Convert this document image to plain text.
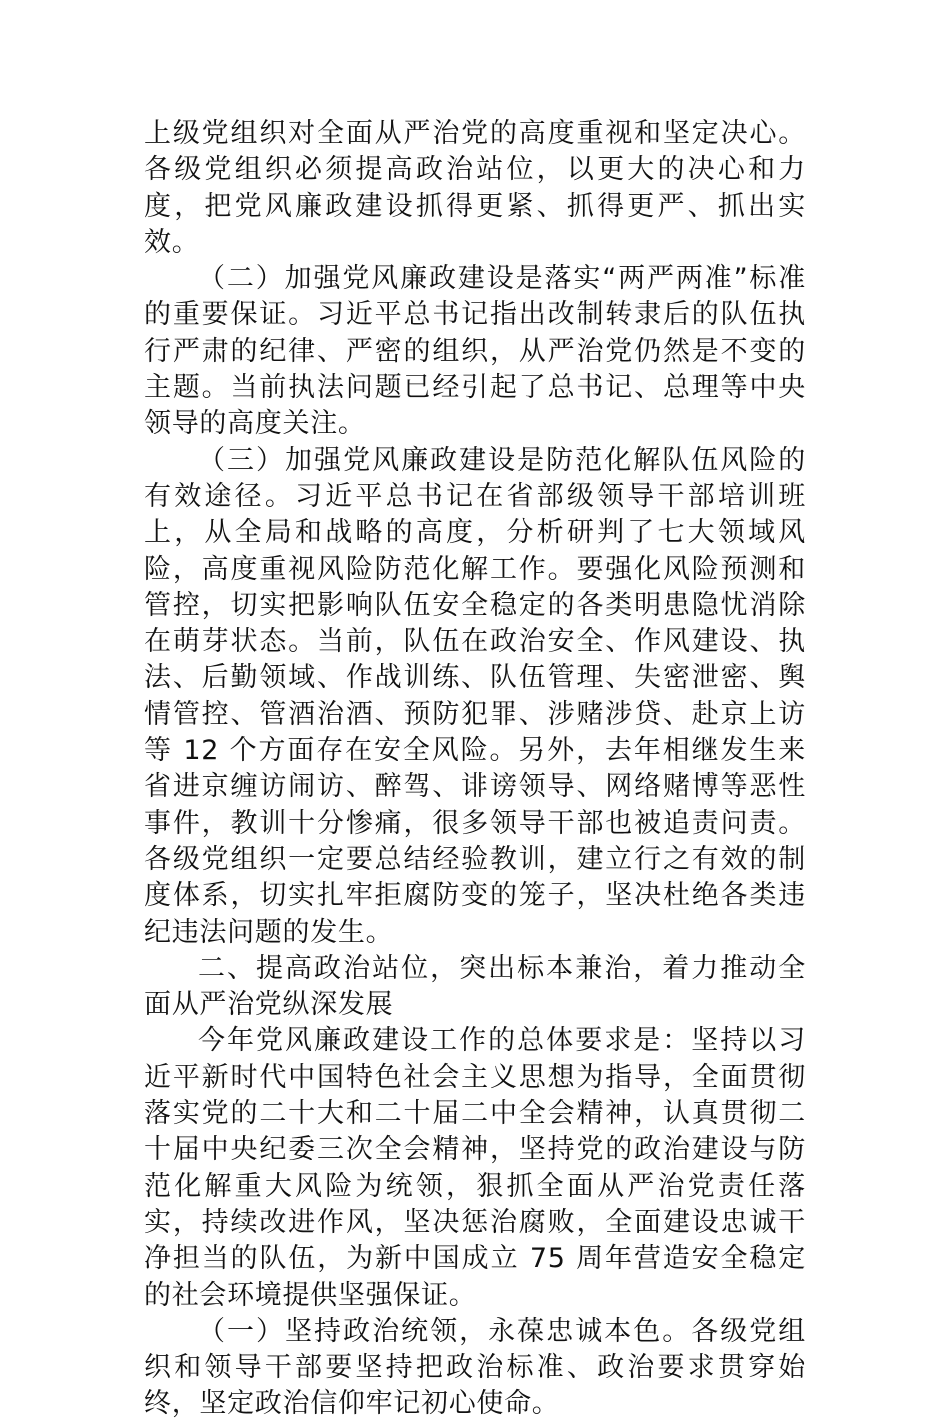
上级党组织对全面从严治党的高度重视和坚定决心。各级党组织必须提高政治站位，以更大的决心和力度，把党风廉政建设抓得更紧、抓得更严、抓出实效。

（二）加强党风廉政建设是落实“两严两准”标准的重要保证。习近平总书记指出改制转隶后的队伍执行严肃的纪律、严密的组织，从严治党仍然是不变的主题。当前执法问题已经引起了总书记、总理等中央领导的高度关注。

（三）加强党风廉政建设是防范化解队伍风险的有效途径。习近平总书记在省部级领导干部培训班上，从全局和战略的高度，分析研判了七大领域风险，高度重视风险防范化解工作。要强化风险预测和管控，切实把影响队伍安全稳定的各类明患隐忧消除在萌芽状态。当前，队伍在政治安全、作风建设、执法、后勤领域、作战训练、队伍管理、失密泄密、舆情管控、管酒治酒、预防犯罪、涉赌涉贷、赴京上访等 12 个方面存在安全风险。另外，去年相继发生来省进京缠访闹访、醉驾、诽谤领导、网络赌博等恶性事件，教训十分惨痛，很多领导干部也被追责问责。各级党组织一定要总结经验教训，建立行之有效的制度体系，切实扎牢拒腐防变的笼子，坚决杜绝各类违纪违法问题的发生。

二、提高政治站位，突出标本兼治，着力推动全面从严治党纵深发展

今年党风廉政建设工作的总体要求是：坚持以习近平新时代中国特色社会主义思想为指导，全面贯彻落实党的二十大和二十届二中全会精神，认真贯彻二十届中央纪委三次全会精神，坚持党的政治建设与防范化解重大风险为统领，狠抓全面从严治党责任落实，持续改进作风，坚决惩治腐败，全面建设忠诚干净担当的队伍，为新中国成立 75 周年营造安全稳定的社会环境提供坚强保证。

（一）坚持政治统领，永葆忠诚本色。各级党组织和领导干部要坚持把政治标准、政治要求贯穿始终，坚定政治信仰牢记初心使命。
